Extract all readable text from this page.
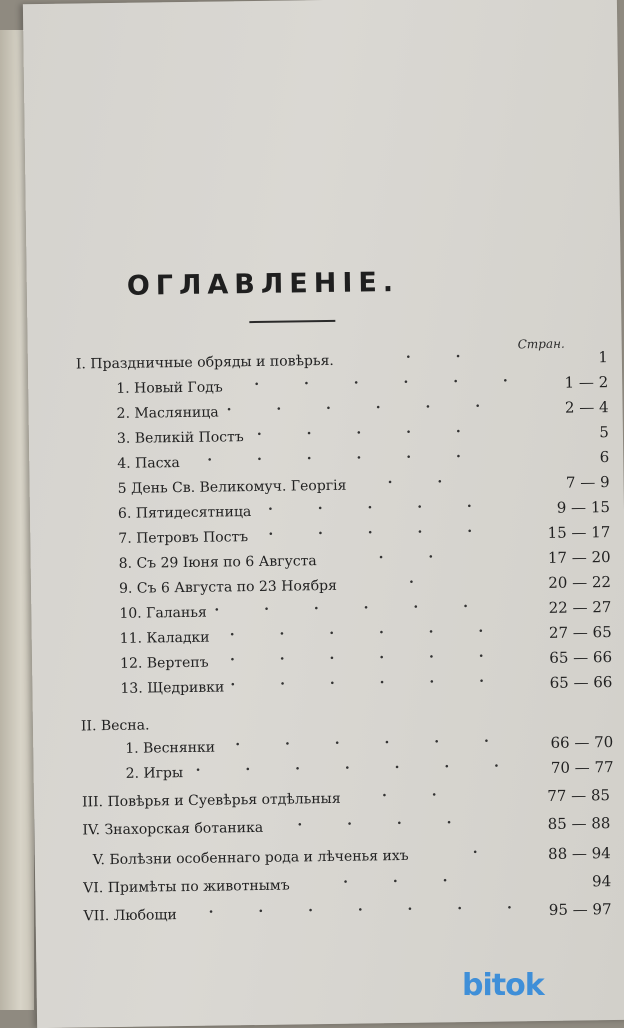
ОГЛАВЛЕНIЕ.
Стран.
I. Праздничные обряды и повѣрья.	. .	1
1. Новый Годъ . . . . . .	1 — 2
2. Масляница . . . . . .	2 — 4
3. Великiй Постъ . . . . .	5
4. Пасха . . . . . .	6
5 День Св. Великомуч. Георгiя	. .	7 — 9
6. Пятидесятница . . . . .	9 — 15
7. Петровъ Постъ . . . . .	15 — 17
8. Съ 29 Iюня по 6 Августа	. .	17 — 20
9. Съ 6 Августа по 23 Ноября	.	20 — 22
10. Галанья . . . . . .	22 — 27
11. Каладки . . . . . .	27 — 65
12. Вертепъ . . . . . .	65 — 66
13. Щедривки . . . . . .	65 — 66
II. Весна.
1. Веснянки . . . . . .	66 — 70
2. Игры . . . . . . .	70 — 77
III. Повѣрья и Суевѣрья отдѣльныя	. .	77 — 85
IV. Знахорская ботаника . . . .	85 — 88
V. Болѣзни особеннаго рода и лѣченья ихъ	.	88 — 94
VI. Примѣты по животнымъ	. . .	94
VII. Любощи . . . . . . .	95 — 97
bitok
